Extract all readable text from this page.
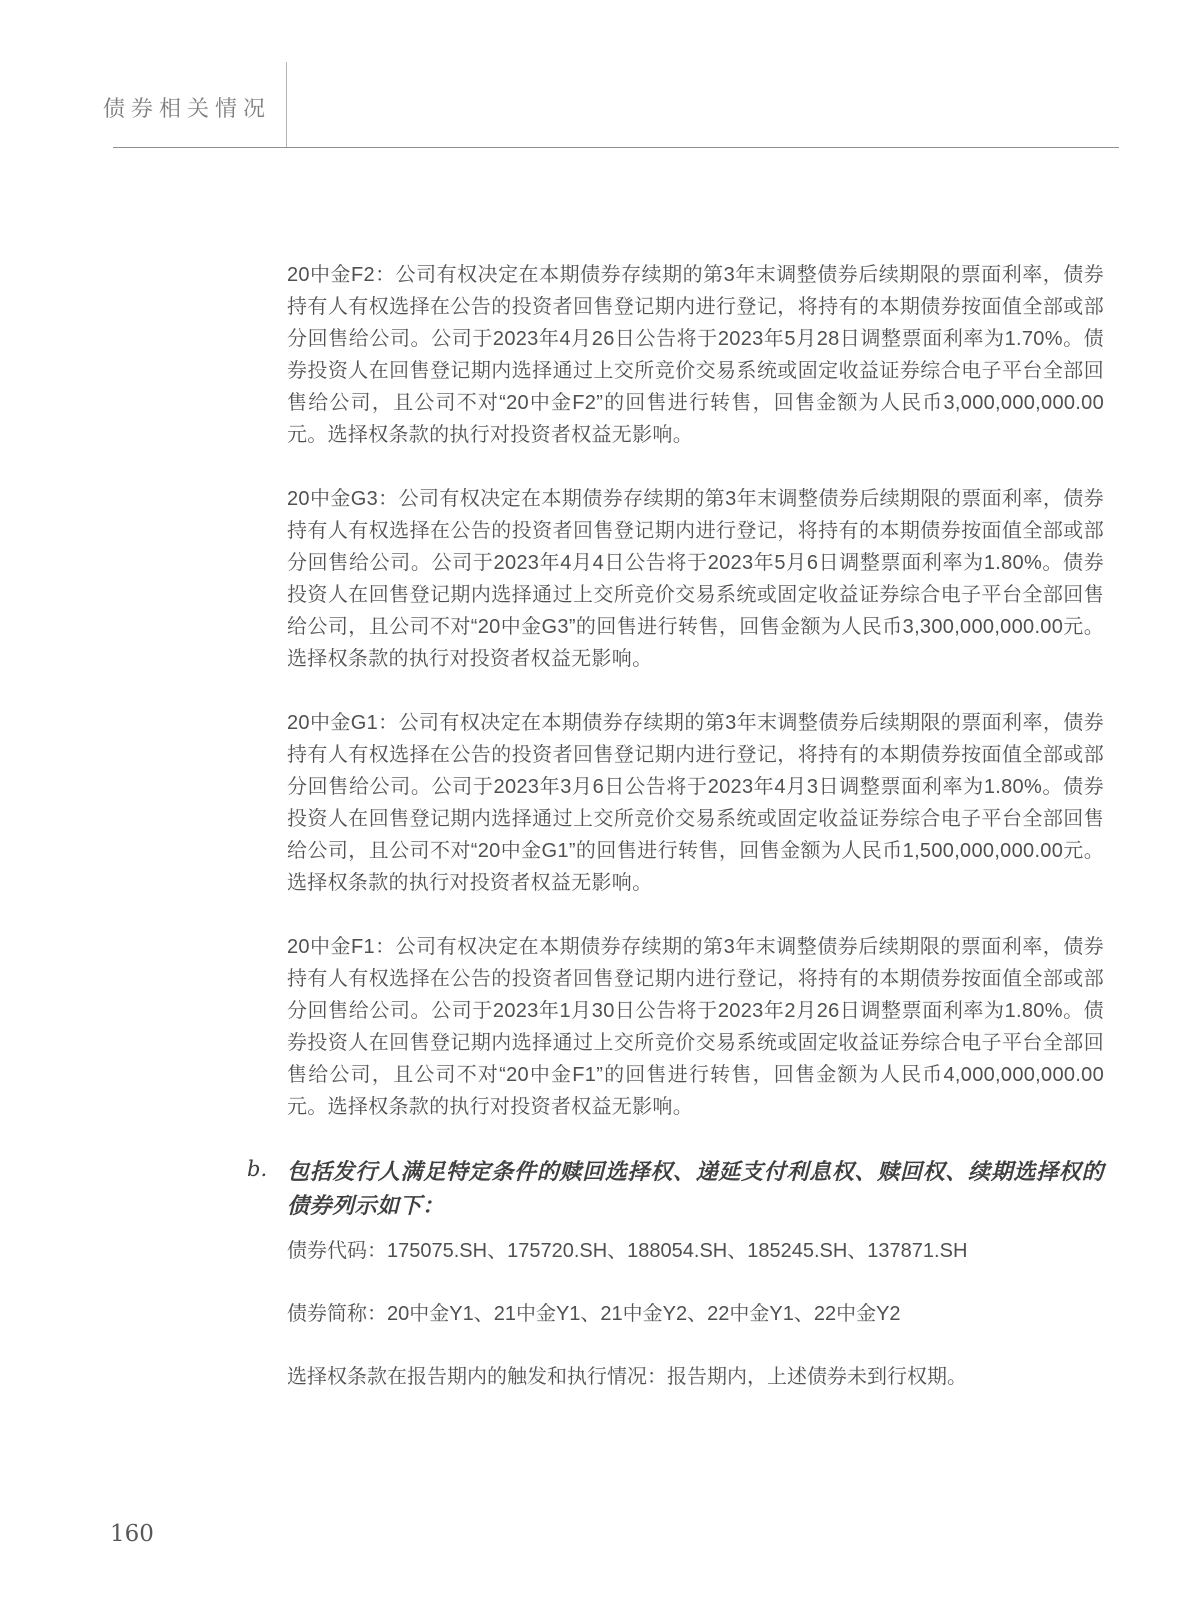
债券相关情况

20中金F2：公司有权决定在本期债券存续期的第3年末调整债券后续期限的票面利率，债券持有人有权选择在公告的投资者回售登记期内进行登记，将持有的本期债券按面值全部或部分回售给公司。公司于2023年4月26日公告将于2023年5月28日调整票面利率为1.70%。债券投资人在回售登记期内选择通过上交所竞价交易系统或固定收益证券综合电子平台全部回售给公司，且公司不对“20中金F2”的回售进行转售，回售金额为人民币3,000,000,000.00元。选择权条款的执行对投资者权益无影响。

20中金G3：公司有权决定在本期债券存续期的第3年末调整债券后续期限的票面利率，债券持有人有权选择在公告的投资者回售登记期内进行登记，将持有的本期债券按面值全部或部分回售给公司。公司于2023年4月4日公告将于2023年5月6日调整票面利率为1.80%。债券投资人在回售登记期内选择通过上交所竞价交易系统或固定收益证券综合电子平台全部回售给公司，且公司不对“20中金G3”的回售进行转售，回售金额为人民币3,300,000,000.00元。选择权条款的执行对投资者权益无影响。

20中金G1：公司有权决定在本期债券存续期的第3年末调整债券后续期限的票面利率，债券持有人有权选择在公告的投资者回售登记期内进行登记，将持有的本期债券按面值全部或部分回售给公司。公司于2023年3月6日公告将于2023年4月3日调整票面利率为1.80%。债券投资人在回售登记期内选择通过上交所竞价交易系统或固定收益证券综合电子平台全部回售给公司，且公司不对“20中金G1”的回售进行转售，回售金额为人民币1,500,000,000.00元。选择权条款的执行对投资者权益无影响。

20中金F1：公司有权决定在本期债券存续期的第3年末调整债券后续期限的票面利率，债券持有人有权选择在公告的投资者回售登记期内进行登记，将持有的本期债券按面值全部或部分回售给公司。公司于2023年1月30日公告将于2023年2月26日调整票面利率为1.80%。债券投资人在回售登记期内选择通过上交所竞价交易系统或固定收益证券综合电子平台全部回售给公司，且公司不对“20中金F1”的回售进行转售，回售金额为人民币4,000,000,000.00元。选择权条款的执行对投资者权益无影响。

b. 包括发行人满足特定条件的赎回选择权、递延支付利息权、赎回权、续期选择权的债券列示如下：

债券代码：175075.SH、175720.SH、188054.SH、185245.SH、137871.SH

债券简称：20中金Y1、21中金Y1、21中金Y2、22中金Y1、22中金Y2

选择权条款在报告期内的触发和执行情况：报告期内，上述债券未到行权期。

160
